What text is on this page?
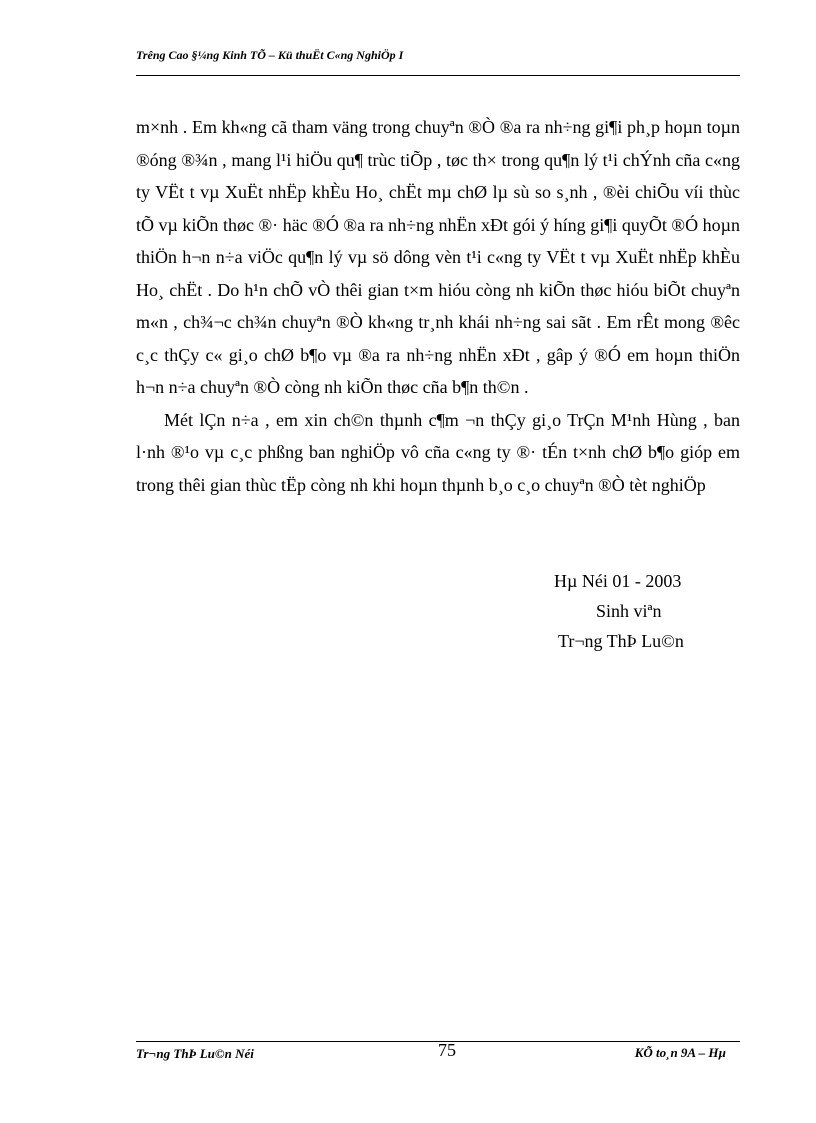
Trêng Cao §¼ng Kinh TÕ – Kü thuËt C«ng NghiÖp I

m×nh . Em kh«ng cã tham väng trong chuyªn ®Ò ®a ra nh÷ng gi¶i ph¸p hoµn toµn ®óng ®¾n , mang l¹i hiÖu qu¶ trùc tiÕp , tøc th× trong qu¶n lý t¹i chÝnh cña c«ng ty VËt t vµ XuËt nhËp khÈu Ho¸ chËt mµ chØ lµ sù so s¸nh , ®èi chiÕu víi thùc tÕ vµ kiÕn thøc ®· häc ®Ó ®a ra nh÷ng nhËn xÐt gói ý híng gi¶i quyÕt ®Ó hoµn thiÖn h¬n n÷a viÖc qu¶n lý vµ sö dông vèn t¹i c«ng ty VËt t vµ XuËt nhËp khÈu Ho¸ chËt . Do h¹n chÕ vÒ thêi gian t×m hióu còng nh kiÕn thøc hióu biÕt chuyªn m«n , ch¾¬c ch¾n chuyªn ®Ò kh«ng tr¸nh khái nh÷ng sai sãt . Em rÊt mong ®êc c¸c thÇy c« gi¸o chØ b¶o vµ ®a ra nh÷ng nhËn xÐt , gâp ý ®Ó em hoµn thiÖn h¬n n÷a chuyªn ®Ò còng nh kiÕn thøc cña b¶n th©n .

Mét lÇn n÷a , em xin ch©n thµnh c¶m ¬n thÇy gi¸o TrÇn M¹nh Hùng , ban l·nh ®¹o vµ c¸c phßng ban nghiÖp vô cña c«ng ty ®· tÉn t×nh chØ b¶o gióp em trong thêi gian thùc tËp còng nh khi hoµn thµnh b¸o c¸o chuyªn ®Ò tèt nghiÖp

Hµ Néi 01 - 2003
Sinh viªn
Tr¬ng ThÞ Lu©n
Tr¬ng ThÞ Lu©n Néi	75	KÕ to¸n 9A – Hµ
